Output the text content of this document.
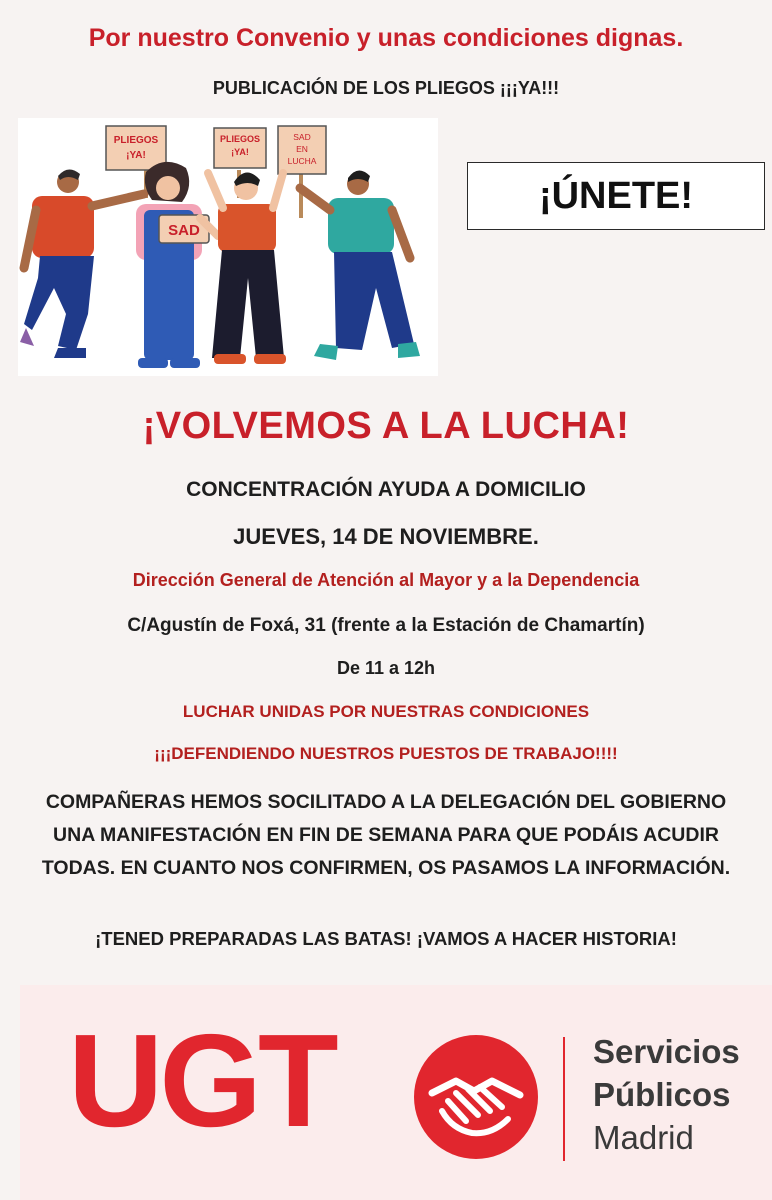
Por nuestro Convenio y unas condiciones dignas.
PUBLICACIÓN DE LOS PLIEGOS ¡¡¡YA!!!
PLIEGOS
¡YA!
PLIEGOS
¡YA!
SAD
EN
LUCHA
SAD
¡ÚNETE!
¡VOLVEMOS A LA LUCHA!
CONCENTRACIÓN AYUDA A DOMICILIO
JUEVES, 14 DE NOVIEMBRE.
Dirección General de Atención al Mayor y a la Dependencia
C/Agustín de Foxá, 31 (frente a la Estación de Chamartín)
De 11 a 12h
LUCHAR UNIDAS POR NUESTRAS CONDICIONES
¡¡¡DEFENDIENDO NUESTROS PUESTOS DE TRABAJO!!!!
COMPAÑERAS HEMOS SOCILITADO A LA DELEGACIÓN DEL GOBIERNO UNA MANIFESTACIÓN EN FIN DE SEMANA PARA QUE PODÁIS ACUDIR TODAS. EN CUANTO NOS CONFIRMEN, OS PASAMOS LA INFORMACIÓN.
¡TENED PREPARADAS LAS BATAS! ¡VAMOS A HACER HISTORIA!
UGT	Servicios
Públicos
Madrid
